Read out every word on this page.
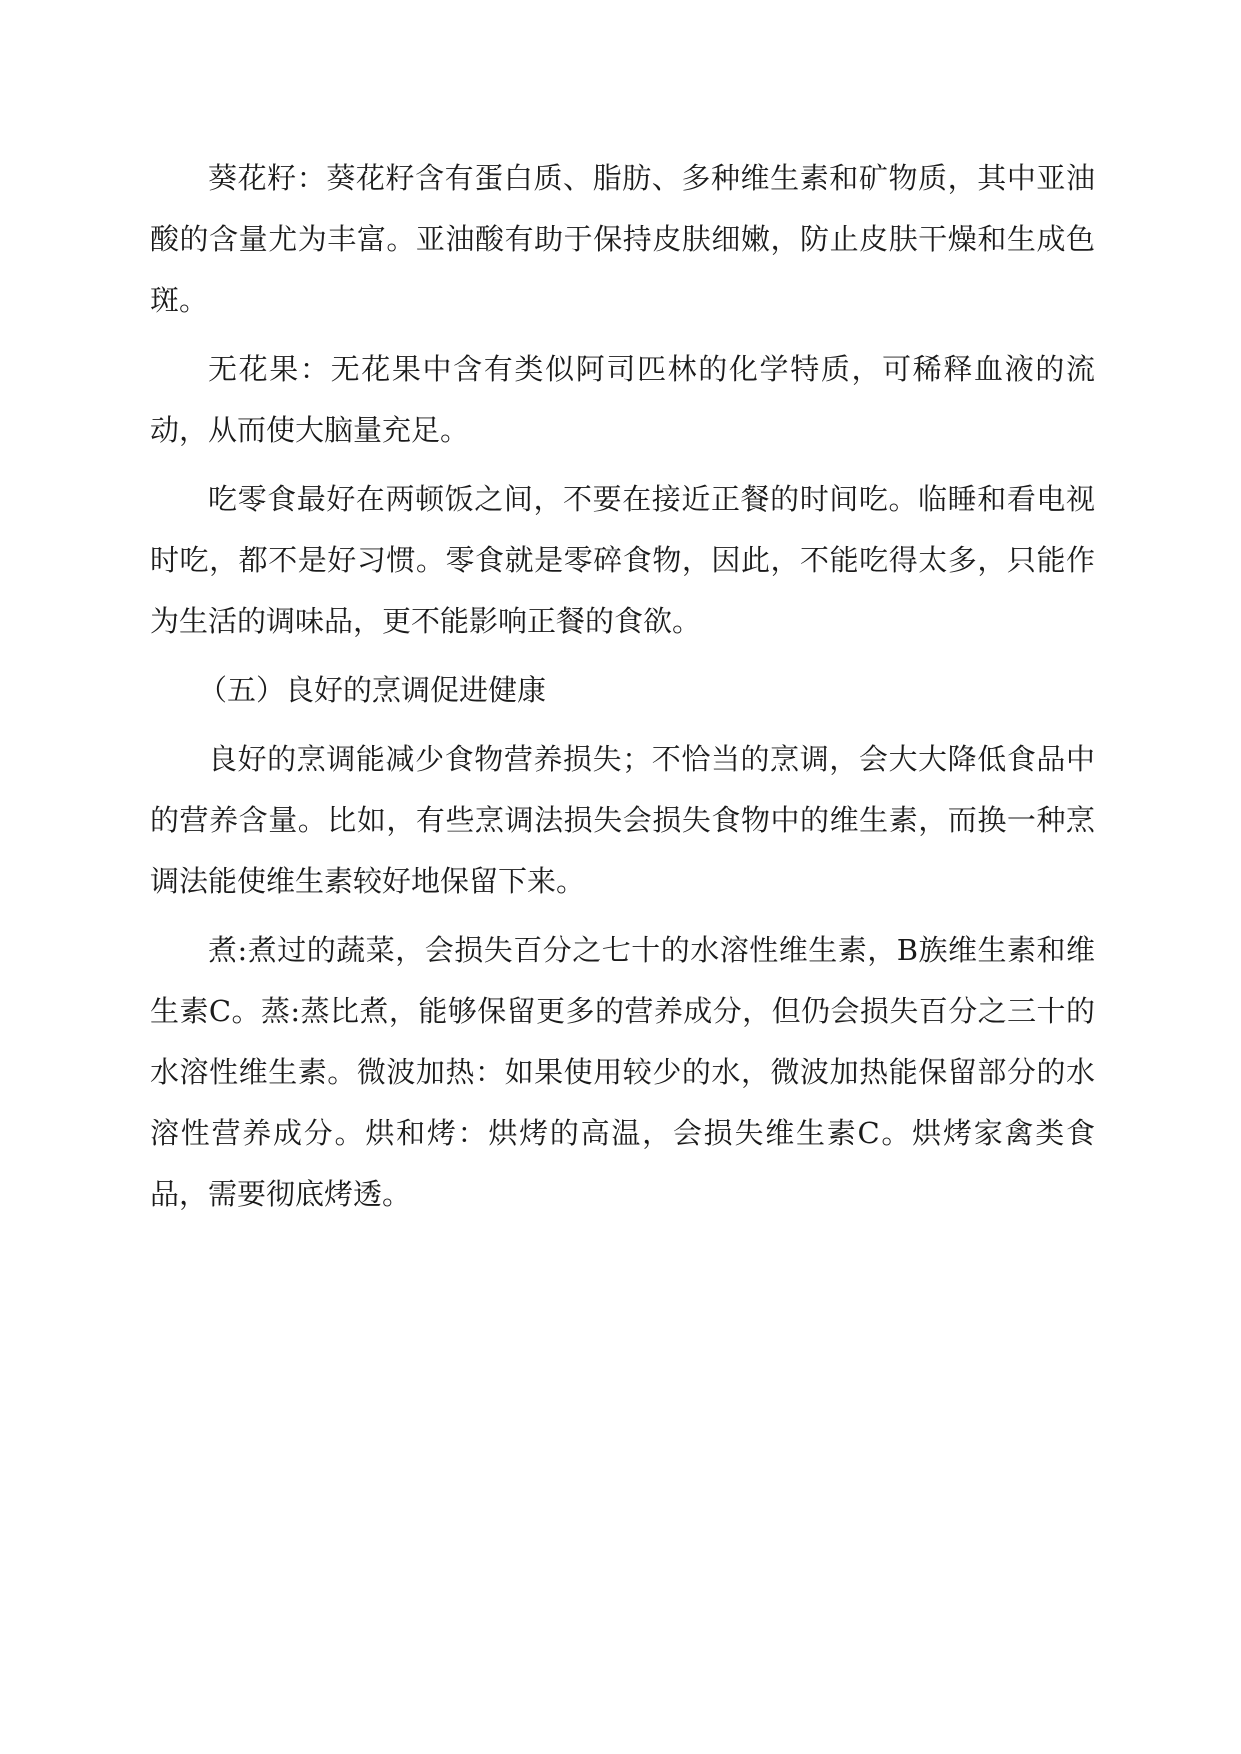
葵花籽：葵花籽含有蛋白质、脂肪、多种维生素和矿物质，其中亚油酸的含量尤为丰富。亚油酸有助于保持皮肤细嫩，防止皮肤干燥和生成色斑。

无花果：无花果中含有类似阿司匹林的化学特质，可稀释血液的流动，从而使大脑量充足。

吃零食最好在两顿饭之间，不要在接近正餐的时间吃。临睡和看电视时吃，都不是好习惯。零食就是零碎食物，因此，不能吃得太多，只能作为生活的调味品，更不能影响正餐的食欲。

（五）良好的烹调促进健康

良好的烹调能减少食物营养损失；不恰当的烹调，会大大降低食品中的营养含量。比如，有些烹调法损失会损失食物中的维生素，而换一种烹调法能使维生素较好地保留下来。

煮:煮过的蔬菜，会损失百分之七十的水溶性维生素，B族维生素和维生素C。蒸:蒸比煮，能够保留更多的营养成分，但仍会损失百分之三十的水溶性维生素。微波加热：如果使用较少的水，微波加热能保留部分的水溶性营养成分。烘和烤：烘烤的高温，会损失维生素C。烘烤家禽类食品，需要彻底烤透。
